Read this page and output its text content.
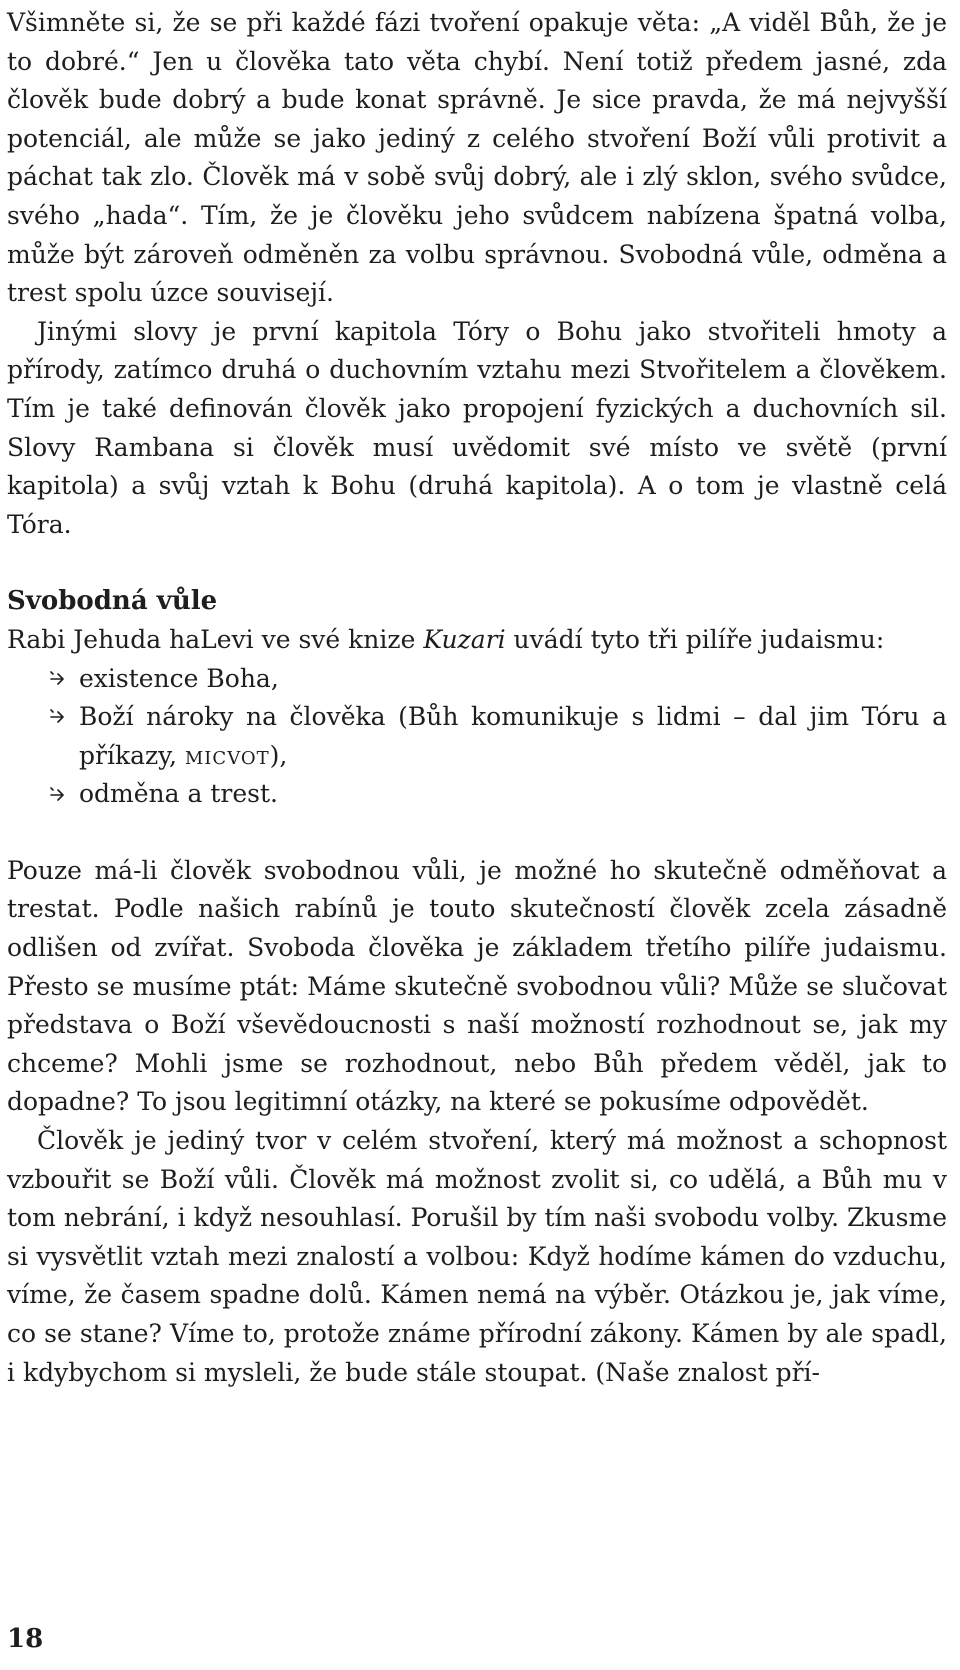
Všimněte si, že se při každé fázi tvoření opakuje věta: „A viděl Bůh, že je to dobré.“ Jen u člověka tato věta chybí. Není totiž předem jasné, zda člověk bude dobrý a bude konat správně. Je sice pravda, že má nejvyšší potenciál, ale může se jako jediný z celého stvoření Boží vůli protivit a páchat tak zlo. Člověk má v sobě svůj dobrý, ale i zlý sklon, svého svůdce, svého „hada“. Tím, že je člověku jeho svůdcem nabízena špatná volba, může být zároveň odměněn za volbu správnou. Svobodná vůle, odměna a trest spolu úzce souvisejí.

Jinými slovy je první kapitola Tóry o Bohu jako stvořiteli hmoty a přírody, zatímco druhá o duchovním vztahu mezi Stvořitelem a člověkem. Tím je také definován člověk jako propojení fyzických a duchovních sil. Slovy Rambana si člověk musí uvědomit své místo ve světě (první kapitola) a svůj vztah k Bohu (druhá kapitola). A o tom je vlastně celá Tóra.

Svobodná vůle

Rabi Jehuda haLevi ve své knize Kuzari uvádí tyto tři pilíře judaismu:

existence Boha,
Boží nároky na člověka (Bůh komunikuje s lidmi – dal jim Tóru a příkazy, micvot),
odměna a trest.

Pouze má-li člověk svobodnou vůli, je možné ho skutečně odměňovat a trestat. Podle našich rabínů je touto skutečností člověk zcela zásadně odlišen od zvířat. Svoboda člověka je základem třetího pilíře judaismu. Přesto se musíme ptát: Máme skutečně svobodnou vůli? Může se slučovat představa o Boží vševědoucnosti s naší možností rozhodnout se, jak my chceme? Mohli jsme se rozhodnout, nebo Bůh předem věděl, jak to dopadne? To jsou legitimní otázky, na které se pokusíme odpovědět.

Člověk je jediný tvor v celém stvoření, který má možnost a schopnost vzbouřit se Boží vůli. Člověk má možnost zvolit si, co udělá, a Bůh mu v tom nebrání, i když nesouhlasí. Porušil by tím naši svobodu volby. Zkusme si vysvětlit vztah mezi znalostí a volbou: Když hodíme kámen do vzduchu, víme, že časem spadne dolů. Kámen nemá na výběr. Otázkou je, jak víme, co se stane? Víme to, protože známe přírodní zákony. Kámen by ale spadl, i kdybychom si mysleli, že bude stále stoupat. (Naše znalost pří-

18
